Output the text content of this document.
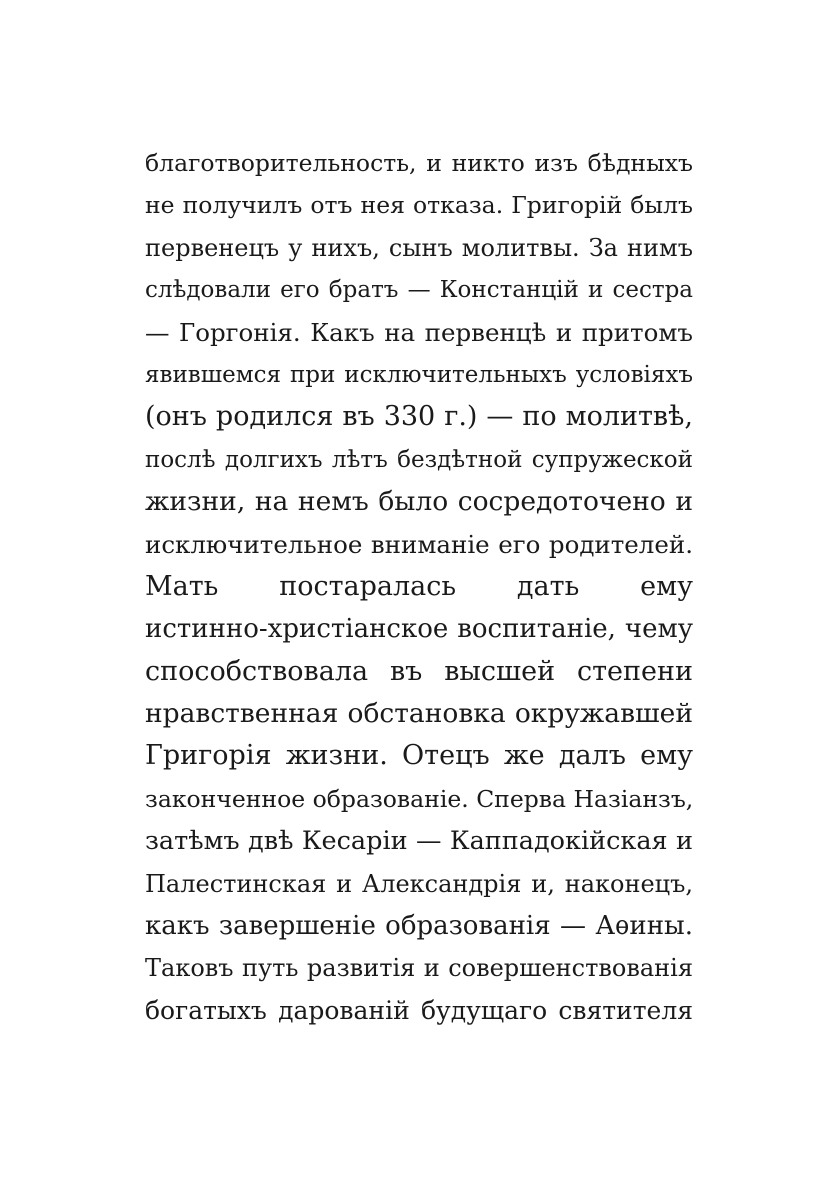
благотворительность, и никто изъ бѣдныхъ
не получилъ отъ нея отказа. Григорій былъ
первенецъ у нихъ, сынъ молитвы. За нимъ
слѣдовали его братъ — Констанцій и сестра
— Горгонія. Какъ на первенцѣ и притомъ
явившемся при исключительныхъ условіяхъ
(онъ родился въ 330 г.) — по молитвѣ,
послѣ долгихъ лѣтъ бездѣтной супружеской
жизни, на немъ было сосредоточено и
исключительное вниманіе его родителей.
Мать постаралась дать ему
истинно-христіанское воспитаніе, чему
способствовала въ высшей степени
нравственная обстановка окружавшей
Григорія жизни. Отецъ же далъ ему
законченное образованіе. Сперва Назіанзъ,
затѣмъ двѣ Кесаріи — Каппадокійская и
Палестинская и Александрія и, наконецъ,
какъ завершеніе образованія — Аѳины.
Таковъ путь развитія и совершенствованія
богатыхъ дарованій будущаго святителя
